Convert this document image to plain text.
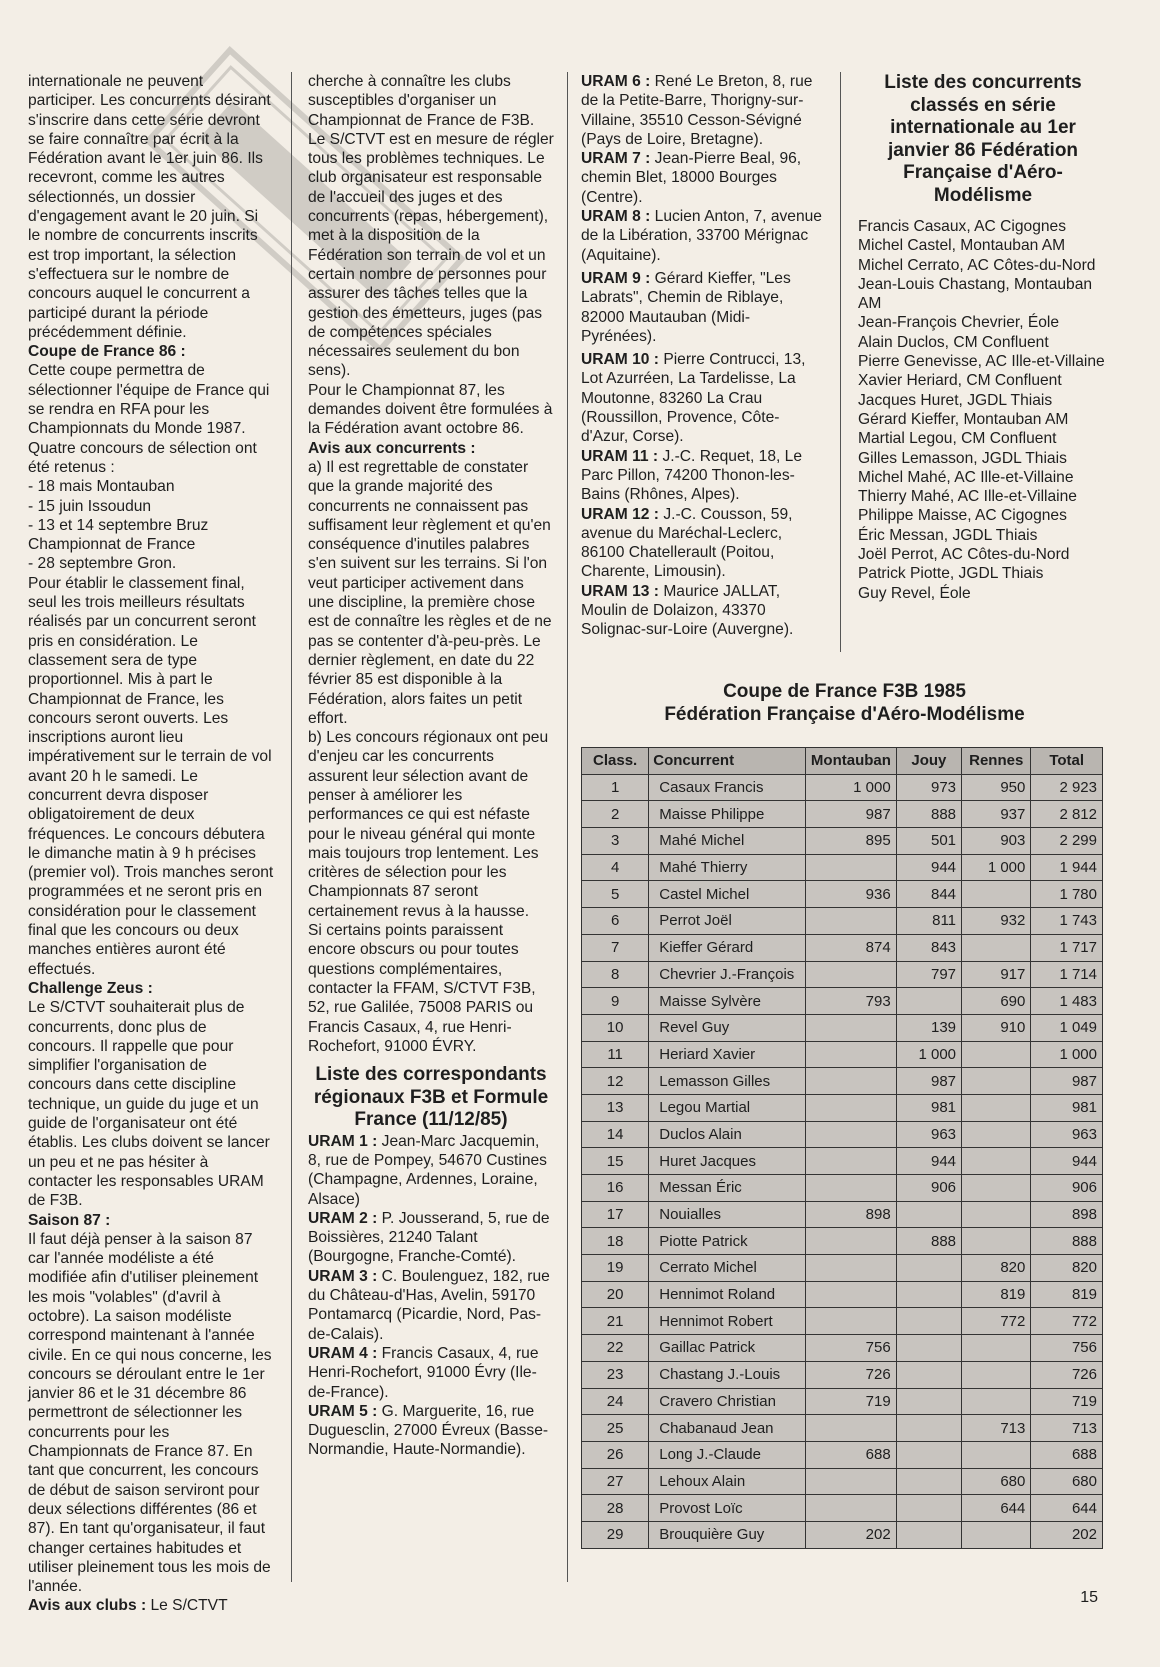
internationale ne peuvent participer. Les concurrents désirant s'inscrire dans cette série devront se faire connaître par écrit à la Fédération avant le 1er juin 86. Ils recevront, comme les autres sélectionnés, un dossier d'engagement avant le 20 juin. Si le nombre de concurrents inscrits est trop important, la sélection s'effectuera sur le nombre de concours auquel le concurrent a participé durant la période précédemment définie.

Coupe de France 86 :

Cette coupe permettra de sélectionner l'équipe de France qui se rendra en RFA pour les Championnats du Monde 1987. Quatre concours de sélection ont été retenus :

- 18 mais Montauban

- 15 juin Issoudun

- 13 et 14 septembre Bruz Championnat de France

- 28 septembre Gron.

Pour établir le classement final, seul les trois meilleurs résultats réalisés par un concurrent seront pris en considération. Le classement sera de type proportionnel. Mis à part le Championnat de France, les concours seront ouverts. Les inscriptions auront lieu impérativement sur le terrain de vol avant 20 h le samedi. Le concurrent devra disposer obligatoirement de deux fréquences. Le concours débutera le dimanche matin à 9 h précises (premier vol). Trois manches seront programmées et ne seront pris en considération pour le classement final que les concours ou deux manches entières auront été effectués.

Challenge Zeus :

Le S/CTVT souhaiterait plus de concurrents, donc plus de concours. Il rappelle que pour simplifier l'organisation de concours dans cette discipline technique, un guide du juge et un guide de l'organisateur ont été établis. Les clubs doivent se lancer un peu et ne pas hésiter à contacter les responsables URAM de F3B.

Saison 87 :

Il faut déjà penser à la saison 87 car l'année modéliste a été modifiée afin d'utiliser pleinement les mois "volables" (d'avril à octobre). La saison modéliste correspond maintenant à l'année civile. En ce qui nous concerne, les concours se déroulant entre le 1er janvier 86 et le 31 décembre 86 permettront de sélectionner les concurrents pour les Championnats de France 87. En tant que concurrent, les concours de début de saison serviront pour deux sélections différentes (86 et 87). En tant qu'organisateur, il faut changer certaines habitudes et utiliser pleinement tous les mois de l'année.

Avis aux clubs : Le S/CTVT

cherche à connaître les clubs susceptibles d'organiser un Championnat de France de F3B. Le S/CTVT est en mesure de régler tous les problèmes techniques. Le club organisateur est responsable de l'accueil des juges et des concurrents (repas, hébergement), met à la disposition de la Fédération son terrain de vol et un certain nombre de personnes pour assurer des tâches telles que la gestion des émetteurs, juges (pas de compétences spéciales nécessaires seulement du bon sens).

Pour le Championnat 87, les demandes doivent être formulées à la Fédération avant octobre 86.

Avis aux concurrents :

a) Il est regrettable de constater que la grande majorité des concurrents ne connaissent pas suffisament leur règlement et qu'en conséquence d'inutiles palabres s'en suivent sur les terrains. Si l'on veut participer activement dans une discipline, la première chose est de connaître les règles et de ne pas se contenter d'à-peu-près. Le dernier règlement, en date du 22 février 85 est disponible à la Fédération, alors faites un petit effort.

b) Les concours régionaux ont peu d'enjeu car les concurrents assurent leur sélection avant de penser à améliorer les performances ce qui est néfaste pour le niveau général qui monte mais toujours trop lentement. Les critères de sélection pour les Championnats 87 seront certainement revus à la hausse.

Si certains points paraissent encore obscurs ou pour toutes questions complémentaires, contacter la FFAM, S/CTVT F3B, 52, rue Galilée, 75008 PARIS ou Francis Casaux, 4, rue Henri-Rochefort, 91000 ÉVRY.

Liste des correspondants régionaux F3B et Formule France (11/12/85)

URAM 1 : Jean-Marc Jacquemin, 8, rue de Pompey, 54670 Custines (Champagne, Ardennes, Loraine, Alsace)

URAM 2 : P. Jousserand, 5, rue de Boissières, 21240 Talant (Bourgogne, Franche-Comté).

URAM 3 : C. Boulenguez, 182, rue du Château-d'Has, Avelin, 59170 Pontamarcq (Picardie, Nord, Pas-de-Calais).

URAM 4 : Francis Casaux, 4, rue Henri-Rochefort, 91000 Évry (Ile-de-France).

URAM 5 : G. Marguerite, 16, rue Duguesclin, 27000 Évreux (Basse-Normandie, Haute-Normandie).

URAM 6 : René Le Breton, 8, rue de la Petite-Barre, Thorigny-sur-Villaine, 35510 Cesson-Sévigné (Pays de Loire, Bretagne).

URAM 7 : Jean-Pierre Beal, 96, chemin Blet, 18000 Bourges (Centre).

URAM 8 : Lucien Anton, 7, avenue de la Libération, 33700 Mérignac (Aquitaine).

URAM 9 : Gérard Kieffer, "Les Labrats", Chemin de Riblaye, 82000 Mautauban (Midi-Pyrénées).

URAM 10 : Pierre Contrucci, 13, Lot Azurréen, La Tardelisse, La Moutonne, 83260 La Crau (Roussillon, Provence, Côte-d'Azur, Corse).

URAM 11 : J.-C. Requet, 18, Le Parc Pillon, 74200 Thonon-les-Bains (Rhônes, Alpes).

URAM 12 : J.-C. Cousson, 59, avenue du Maréchal-Leclerc, 86100 Chatellerault (Poitou, Charente, Limousin).

URAM 13 : Maurice JALLAT, Moulin de Dolaizon, 43370 Solignac-sur-Loire (Auvergne).

Liste des concurrents classés en série internationale au 1er janvier 86 Fédération Française d'Aéro-Modélisme

Francis Casaux, AC Cigognes
Michel Castel, Montauban AM
Michel Cerrato, AC Côtes-du-Nord
Jean-Louis Chastang, Montauban AM
Jean-François Chevrier, Éole
Alain Duclos, CM Confluent
Pierre Genevisse, AC Ille-et-Villaine
Xavier Heriard, CM Confluent
Jacques Huret, JGDL Thiais
Gérard Kieffer, Montauban AM
Martial Legou, CM Confluent
Gilles Lemasson, JGDL Thiais
Michel Mahé, AC Ille-et-Villaine
Thierry Mahé, AC Ille-et-Villaine
Philippe Maisse, AC Cigognes
Éric Messan, JGDL Thiais
Joël Perrot, AC Côtes-du-Nord
Patrick Piotte, JGDL Thiais
Guy Revel, Éole
Coupe de France F3B 1985
Fédération Française d'Aéro-Modélisme
Class.	Concurrent	Montauban	Jouy	Rennes	Total
1	Casaux Francis	1 000	973	950	2 923
2	Maisse Philippe	987	888	937	2 812
3	Mahé Michel	895	501	903	2 299
4	Mahé Thierry		944	1 000	1 944
5	Castel Michel	936	844		1 780
6	Perrot Joël		811	932	1 743
7	Kieffer Gérard	874	843		1 717
8	Chevrier J.-François		797	917	1 714
9	Maisse Sylvère	793		690	1 483
10	Revel Guy		139	910	1 049
11	Heriard Xavier		1 000		1 000
12	Lemasson Gilles		987		987
13	Legou Martial		981		981
14	Duclos Alain		963		963
15	Huret Jacques		944		944
16	Messan Éric		906		906
17	Nouialles	898			898
18	Piotte Patrick		888		888
19	Cerrato Michel			820	820
20	Hennimot Roland			819	819
21	Hennimot Robert			772	772
22	Gaillac Patrick	756			756
23	Chastang J.-Louis	726			726
24	Cravero Christian	719			719
25	Chabanaud Jean			713	713
26	Long J.-Claude	688			688
27	Lehoux Alain			680	680
28	Provost Loïc			644	644
29	Brouquière Guy	202			202
15
